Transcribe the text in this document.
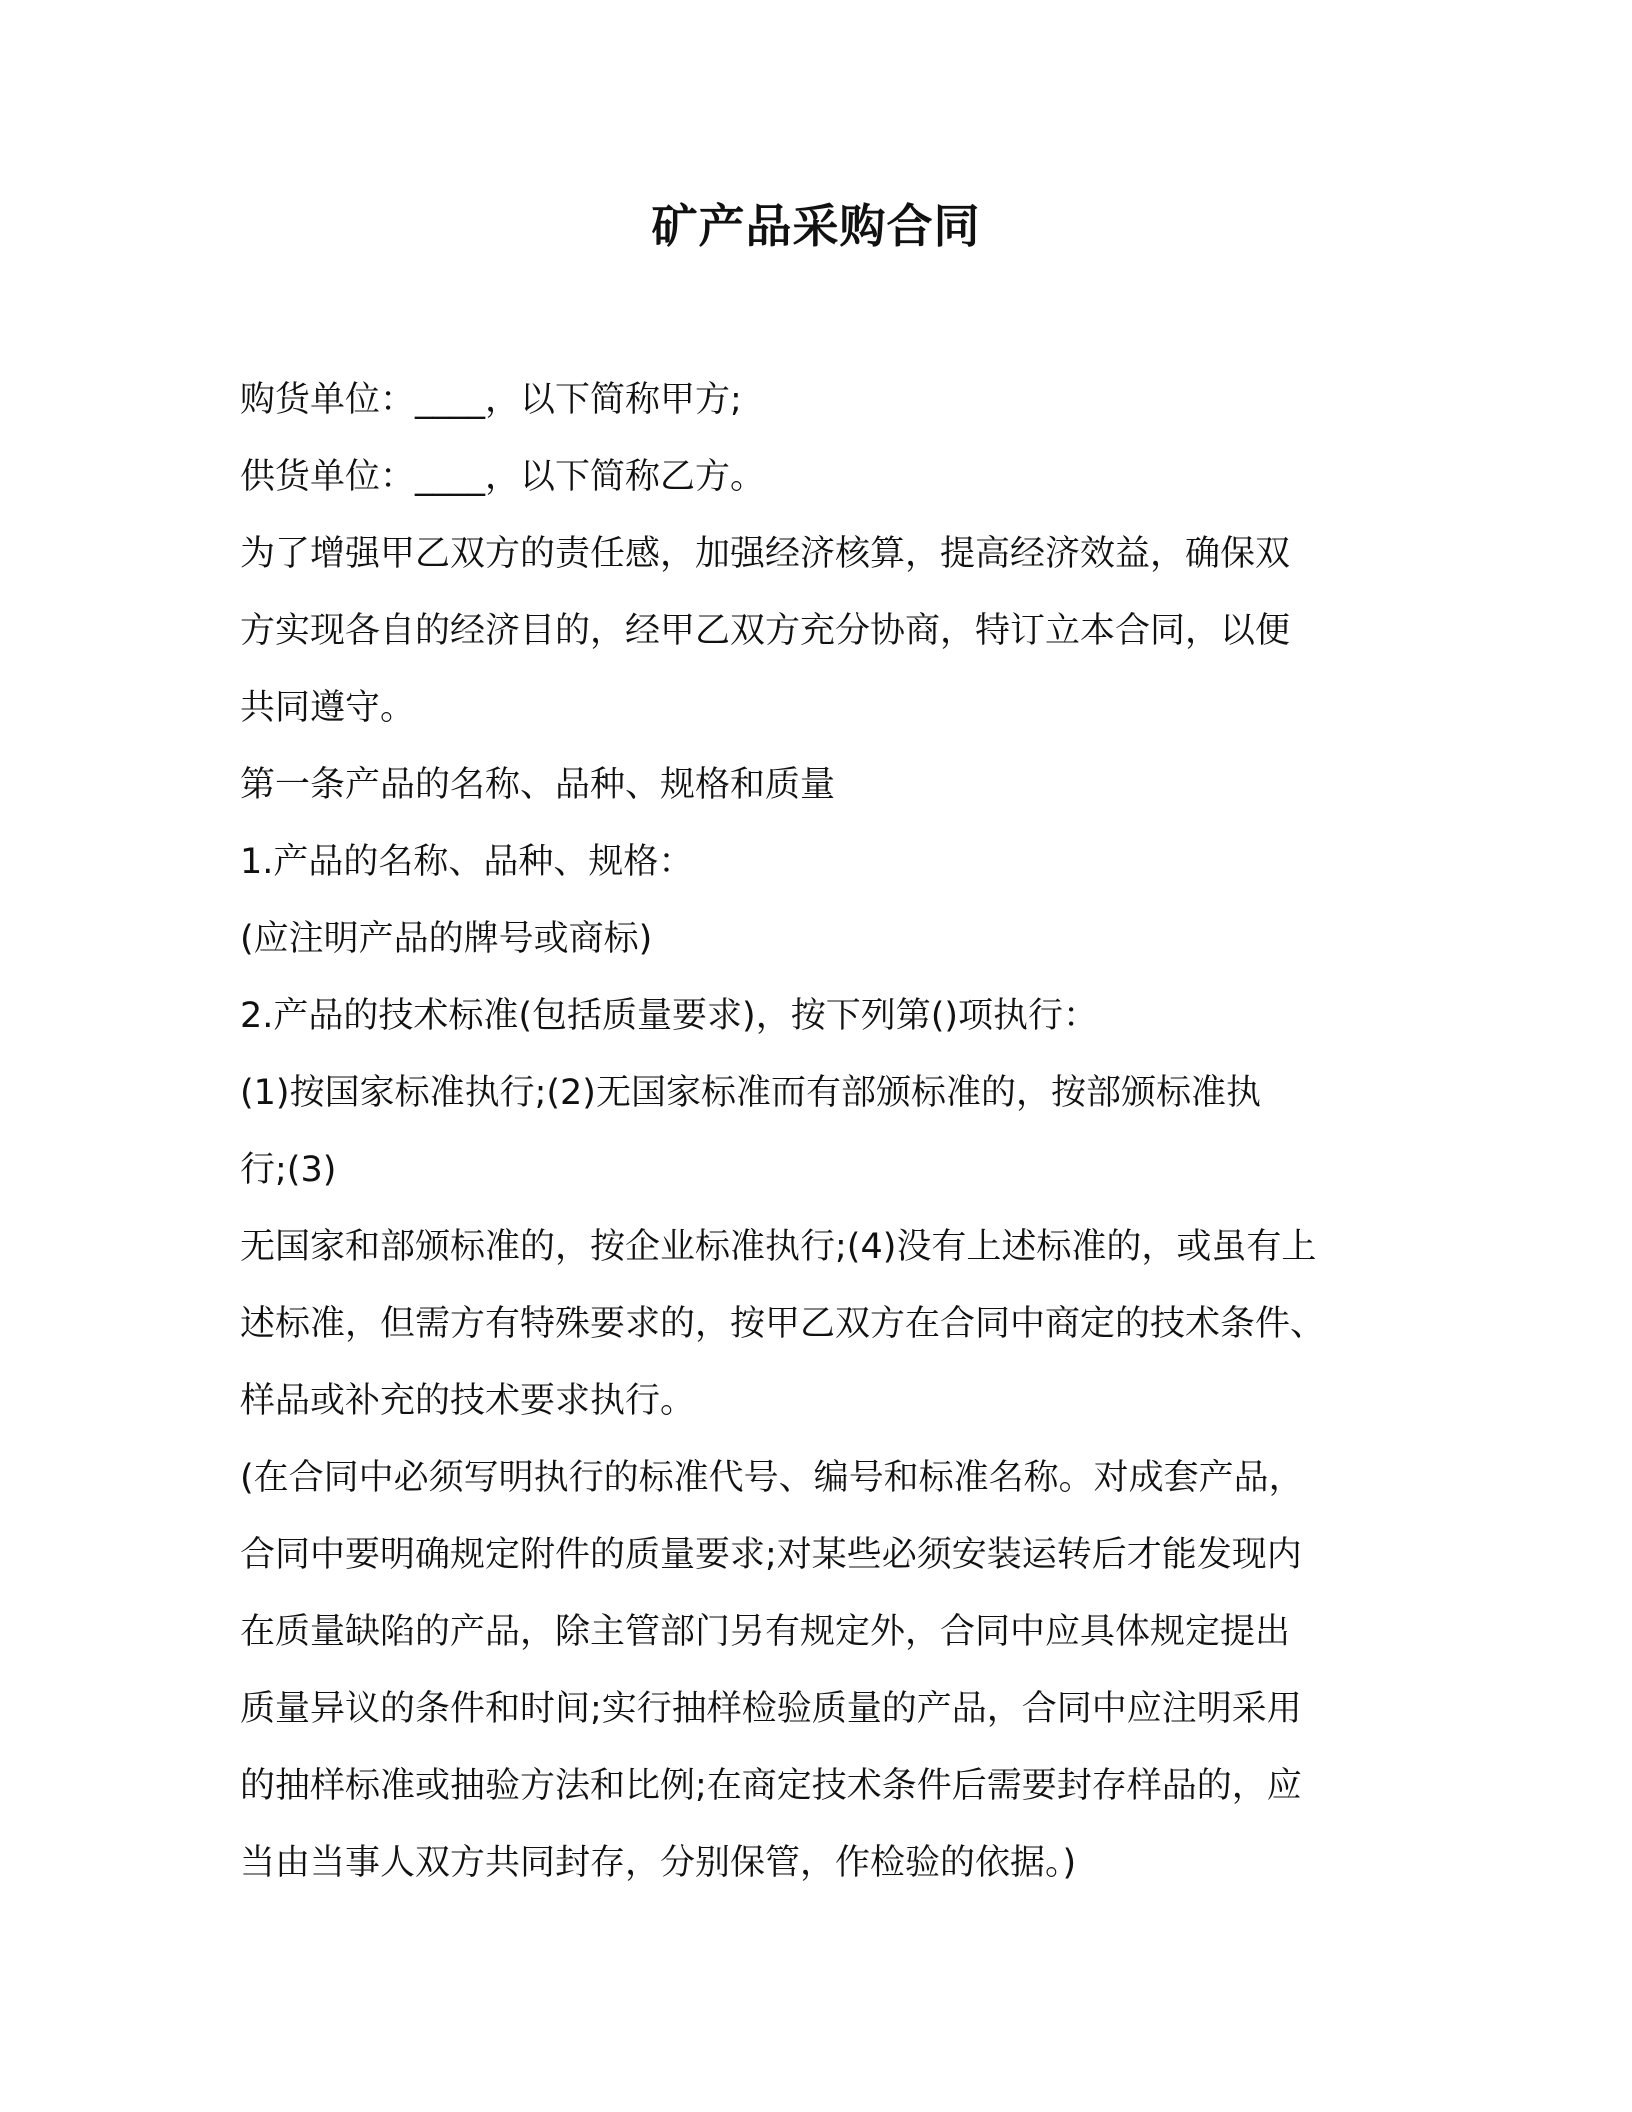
矿产品采购合同
购货单位：____，以下简称甲方;
供货单位：____，以下简称乙方。
为了增强甲乙双方的责任感，加强经济核算，提高经济效益，确保双
方实现各自的经济目的，经甲乙双方充分协商，特订立本合同，以便
共同遵守。
第一条产品的名称、品种、规格和质量
1.产品的名称、品种、规格：
(应注明产品的牌号或商标)
2.产品的技术标准(包括质量要求)，按下列第()项执行：
(1)按国家标准执行;(2)无国家标准而有部颁标准的，按部颁标准执
行;(3)
无国家和部颁标准的，按企业标准执行;(4)没有上述标准的，或虽有上
述标准，但需方有特殊要求的，按甲乙双方在合同中商定的技术条件、
样品或补充的技术要求执行。
(在合同中必须写明执行的标准代号、编号和标准名称。对成套产品，
合同中要明确规定附件的质量要求;对某些必须安装运转后才能发现内
在质量缺陷的产品，除主管部门另有规定外，合同中应具体规定提出
质量异议的条件和时间;实行抽样检验质量的产品，合同中应注明采用
的抽样标准或抽验方法和比例;在商定技术条件后需要封存样品的，应
当由当事人双方共同封存，分别保管，作检验的依据。)
